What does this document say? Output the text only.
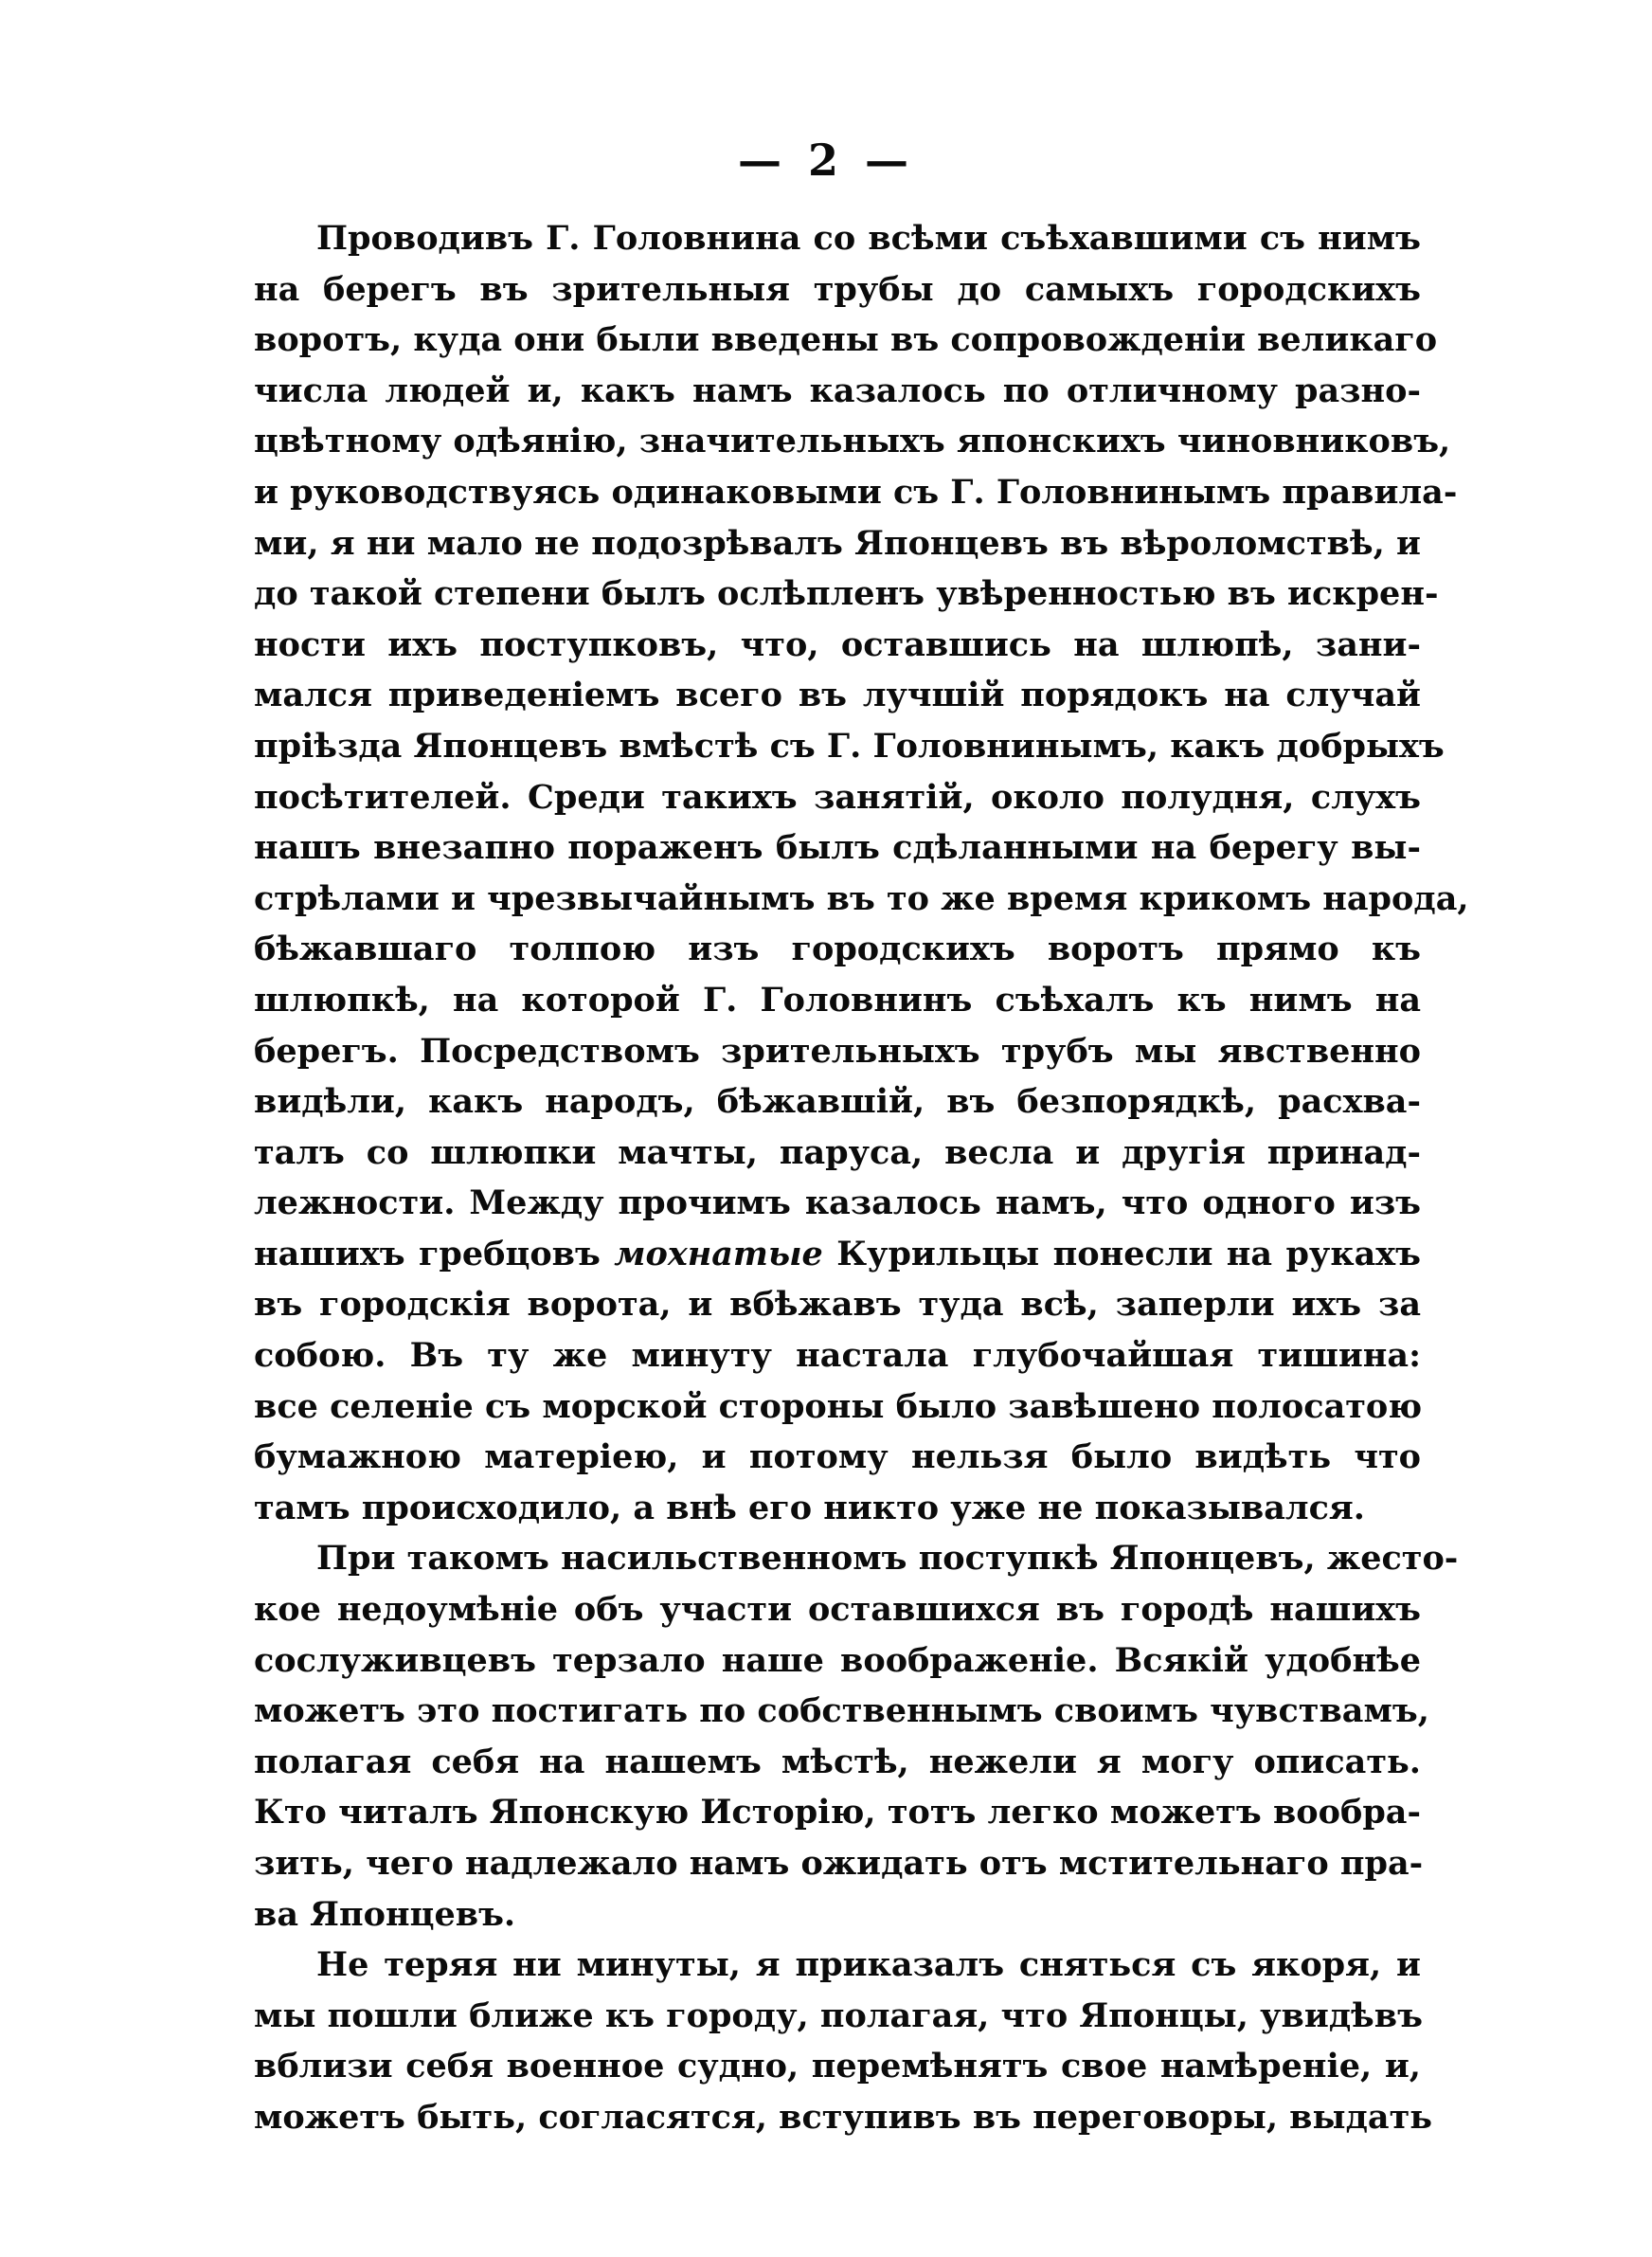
— 2 —
Проводивъ Г. Головнина со всѣми съѣхавшими съ нимъ
на берегъ въ зрительныя трубы до самыхъ городскихъ
воротъ, куда они были введены въ сопровожденіи великаго
числа людей и, какъ намъ казалось по отличному разно-
цвѣтному одѣянію, значительныхъ японскихъ чиновниковъ,
и руководствуясь одинаковыми съ Г. Головнинымъ правила-
ми, я ни мало не подозрѣвалъ Японцевъ въ вѣроломствѣ, и
до такой степени былъ ослѣпленъ увѣренностью въ искрен-
ности ихъ поступковъ, что, оставшись на шлюпѣ, зани-
мался приведеніемъ всего въ лучшій порядокъ на случай
пріѣзда Японцевъ вмѣстѣ съ Г. Головнинымъ, какъ добрыхъ
посѣтителей. Среди такихъ занятій, около полудня, слухъ
нашъ внезапно пораженъ былъ сдѣланными на берегу вы-
стрѣлами и чрезвычайнымъ въ то же время крикомъ народа,
бѣжавшаго толпою изъ городскихъ воротъ прямо къ
шлюпкѣ, на которой Г. Головнинъ съѣхалъ къ нимъ на
берегъ. Посредствомъ зрительныхъ трубъ мы явственно
видѣли, какъ народъ, бѣжавшій, въ безпорядкѣ, расхва-
талъ со шлюпки мачты, паруса, весла и другія принад-
лежности. Между прочимъ казалось намъ, что одного изъ
нашихъ гребцовъ мохнатые Курильцы понесли на рукахъ
въ городскія ворота, и вбѣжавъ туда всѣ, заперли ихъ за
собою. Въ ту же минуту настала глубочайшая тишина:
все селеніе съ морской стороны было завѣшено полосатою
бумажною матеріею, и потому нельзя было видѣть что
тамъ происходило, а внѣ его никто уже не показывался.
При такомъ насильственномъ поступкѣ Японцевъ, жесто-
кое недоумѣніе объ участи оставшихся въ городѣ нашихъ
сослуживцевъ терзало наше воображеніе. Всякій удобнѣе
можетъ это постигать по собственнымъ своимъ чувствамъ,
полагая себя на нашемъ мѣстѣ, нежели я могу описать.
Кто читалъ Японскую Исторію, тотъ легко можетъ вообра-
зить, чего надлежало намъ ожидать отъ мстительнаго пра-
ва Японцевъ.
Не теряя ни минуты, я приказалъ сняться съ якоря, и
мы пошли ближе къ городу, полагая, что Японцы, увидѣвъ
вблизи себя военное судно, перемѣнятъ свое намѣреніе, и,
можетъ быть, согласятся, вступивъ въ переговоры, выдать
